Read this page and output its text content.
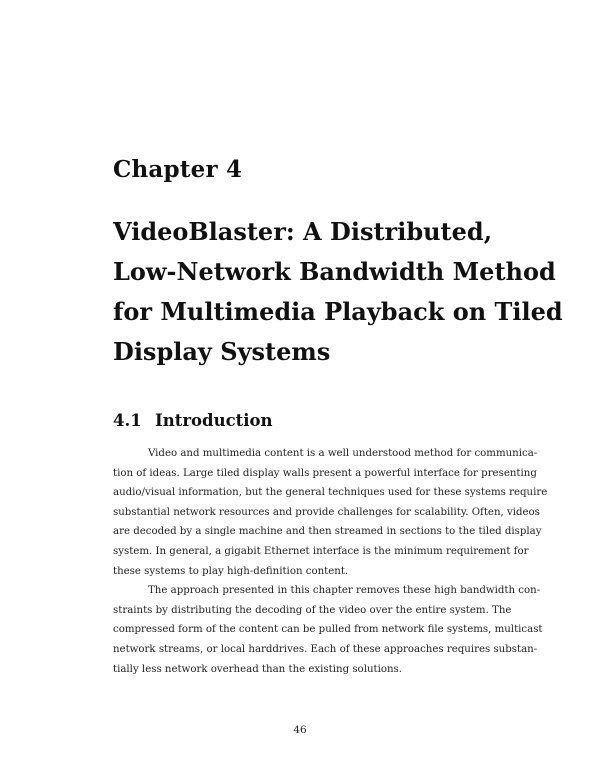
Chapter 4
VideoBlaster: A Distributed,
Low-Network Bandwidth Method
for Multimedia Playback on Tiled
Display Systems
4.1 Introduction

Video and multimedia content is a well understood method for communica-
tion of ideas. Large tiled display walls present a powerful interface for presenting
audio/visual information, but the general techniques used for these systems require
substantial network resources and provide challenges for scalability. Often, videos
are decoded by a single machine and then streamed in sections to the tiled display
system. In general, a gigabit Ethernet interface is the minimum requirement for
these systems to play high-definition content.

The approach presented in this chapter removes these high bandwidth con-
straints by distributing the decoding of the video over the entire system. The
compressed form of the content can be pulled from network file systems, multicast
network streams, or local harddrives. Each of these approaches requires substan-
tially less network overhead than the existing solutions.

46
